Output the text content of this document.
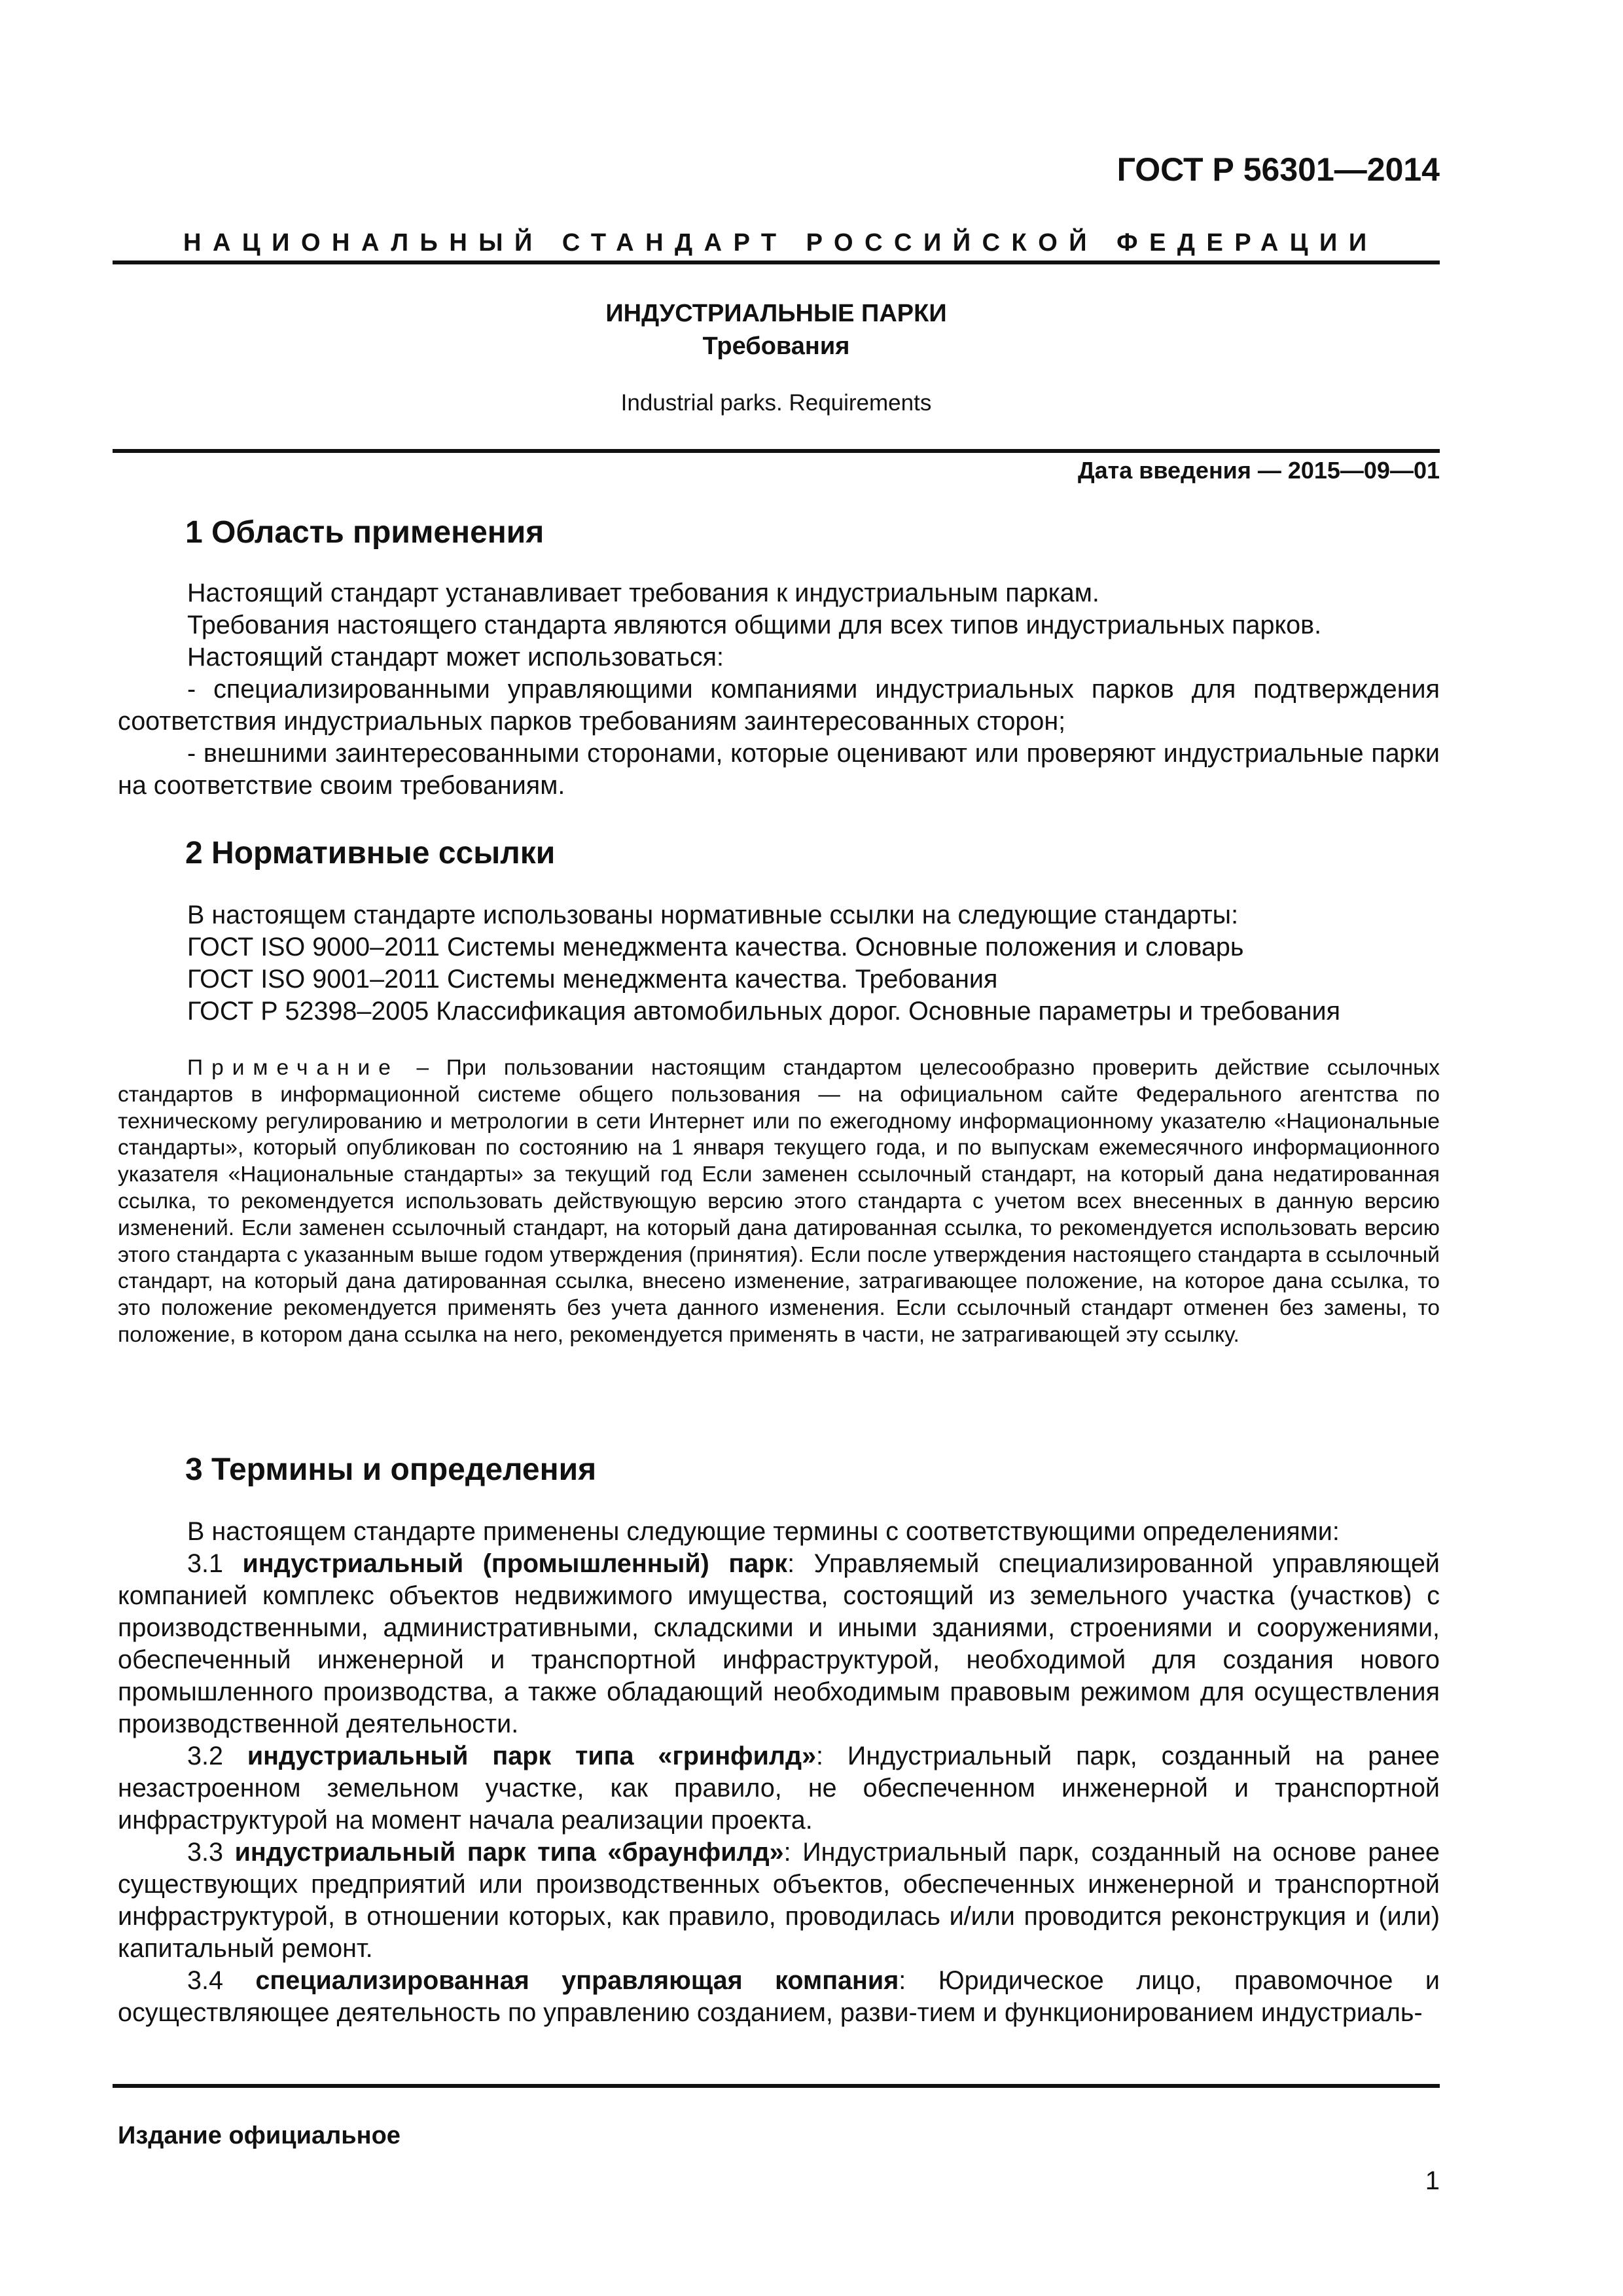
ГОСТ Р 56301—2014
НАЦИОНАЛЬНЫЙ СТАНДАРТ РОССИЙСКОЙ ФЕДЕРАЦИИ
ИНДУСТРИАЛЬНЫЕ ПАРКИ
Требования
Industrial parks. Requirements
Дата введения — 2015—09—01
1 Область применения

Настоящий стандарт устанавливает требования к индустриальным паркам.

Требования настоящего стандарта являются общими для всех типов индустриальных парков.

Настоящий стандарт может использоваться:

- специализированными управляющими компаниями индустриальных парков для подтверждения соответствия индустриальных парков требованиям заинтересованных сторон;

- внешними заинтересованными сторонами, которые оценивают или проверяют индустриальные парки на соответствие своим требованиям.

2 Нормативные ссылки

В настоящем стандарте использованы нормативные ссылки на следующие стандарты:

ГОСТ ISO 9000–2011 Системы менеджмента качества. Основные положения и словарь

ГОСТ ISO 9001–2011 Системы менеджмента качества. Требования

ГОСТ Р 52398–2005 Классификация автомобильных дорог. Основные параметры и требования

Примечание – При пользовании настоящим стандартом целесообразно проверить действие ссылочных стандартов в информационной системе общего пользования — на официальном сайте Федерального агентства по техническому регулированию и метрологии в сети Интернет или по ежегодному информационному указателю «Национальные стандарты», который опубликован по состоянию на 1 января текущего года, и по выпускам ежемесячного информационного указателя «Национальные стандарты» за текущий год Если заменен ссылочный стандарт, на который дана недатированная ссылка, то рекомендуется использовать действующую версию этого стандарта с учетом всех внесенных в данную версию изменений. Если заменен ссылочный стандарт, на который дана датированная ссылка, то рекомендуется использовать версию этого стандарта с указанным выше годом утверждения (принятия). Если после утверждения настоящего стандарта в ссылочный стандарт, на который дана датированная ссылка, внесено изменение, затрагивающее положение, на которое дана ссылка, то это положение рекомендуется применять без учета данного изменения. Если ссылочный стандарт отменен без замены, то положение, в котором дана ссылка на него, рекомендуется применять в части, не затрагивающей эту ссылку.

3 Термины и определения

В настоящем стандарте применены следующие термины с соответствующими определениями:

3.1 индустриальный (промышленный) парк: Управляемый специализированной управляющей компанией комплекс объектов недвижимого имущества, состоящий из земельного участка (участков) с производственными, административными, складскими и иными зданиями, строениями и сооружениями, обеспеченный инженерной и транспортной инфраструктурой, необходимой для создания нового промышленного производства, а также обладающий необходимым правовым режимом для осуществления производственной деятельности.

3.2 индустриальный парк типа «гринфилд»: Индустриальный парк, созданный на ранее незастроенном земельном участке, как правило, не обеспеченном инженерной и транспортной инфраструктурой на момент начала реализации проекта.

3.3 индустриальный парк типа «браунфилд»: Индустриальный парк, созданный на основе ранее существующих предприятий или производственных объектов, обеспеченных инженерной и транспортной инфраструктурой, в отношении которых, как правило, проводилась и/или проводится реконструкция и (или) капитальный ремонт.

3.4 специализированная управляющая компания: Юридическое лицо, правомочное и осуществляющее деятельность по управлению созданием, разви-тием и функционированием индустриаль-

Издание официальное
1
